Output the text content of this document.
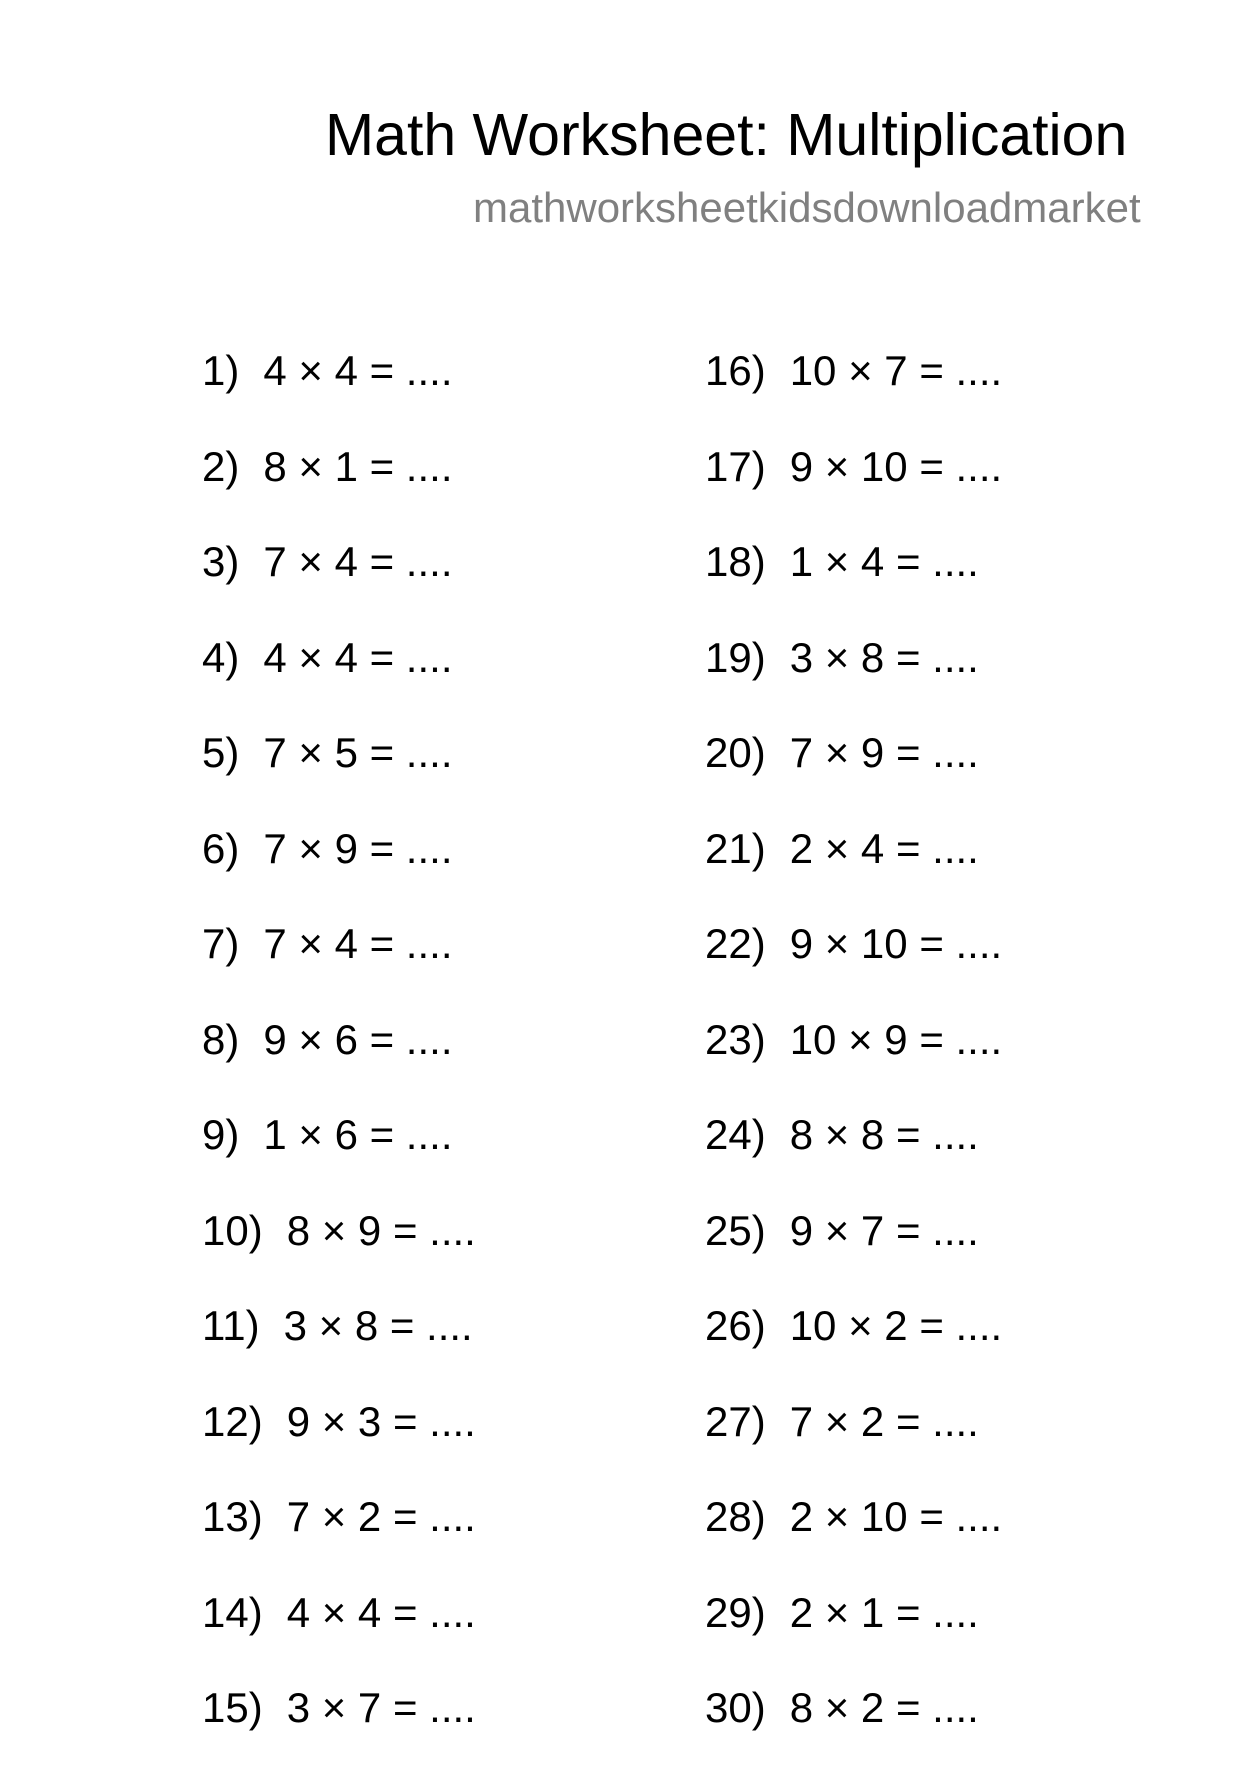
Math Worksheet: Multiplication
mathworksheetkidsdownloadmarket
1) 4 × 4 = ....
2) 8 × 1 = ....
3) 7 × 4 = ....
4) 4 × 4 = ....
5) 7 × 5 = ....
6) 7 × 9 = ....
7) 7 × 4 = ....
8) 9 × 6 = ....
9) 1 × 6 = ....
10) 8 × 9 = ....
11) 3 × 8 = ....
12) 9 × 3 = ....
13) 7 × 2 = ....
14) 4 × 4 = ....
15) 3 × 7 = ....
16) 10 × 7 = ....
17) 9 × 10 = ....
18) 1 × 4 = ....
19) 3 × 8 = ....
20) 7 × 9 = ....
21) 2 × 4 = ....
22) 9 × 10 = ....
23) 10 × 9 = ....
24) 8 × 8 = ....
25) 9 × 7 = ....
26) 10 × 2 = ....
27) 7 × 2 = ....
28) 2 × 10 = ....
29) 2 × 1 = ....
30) 8 × 2 = ....
